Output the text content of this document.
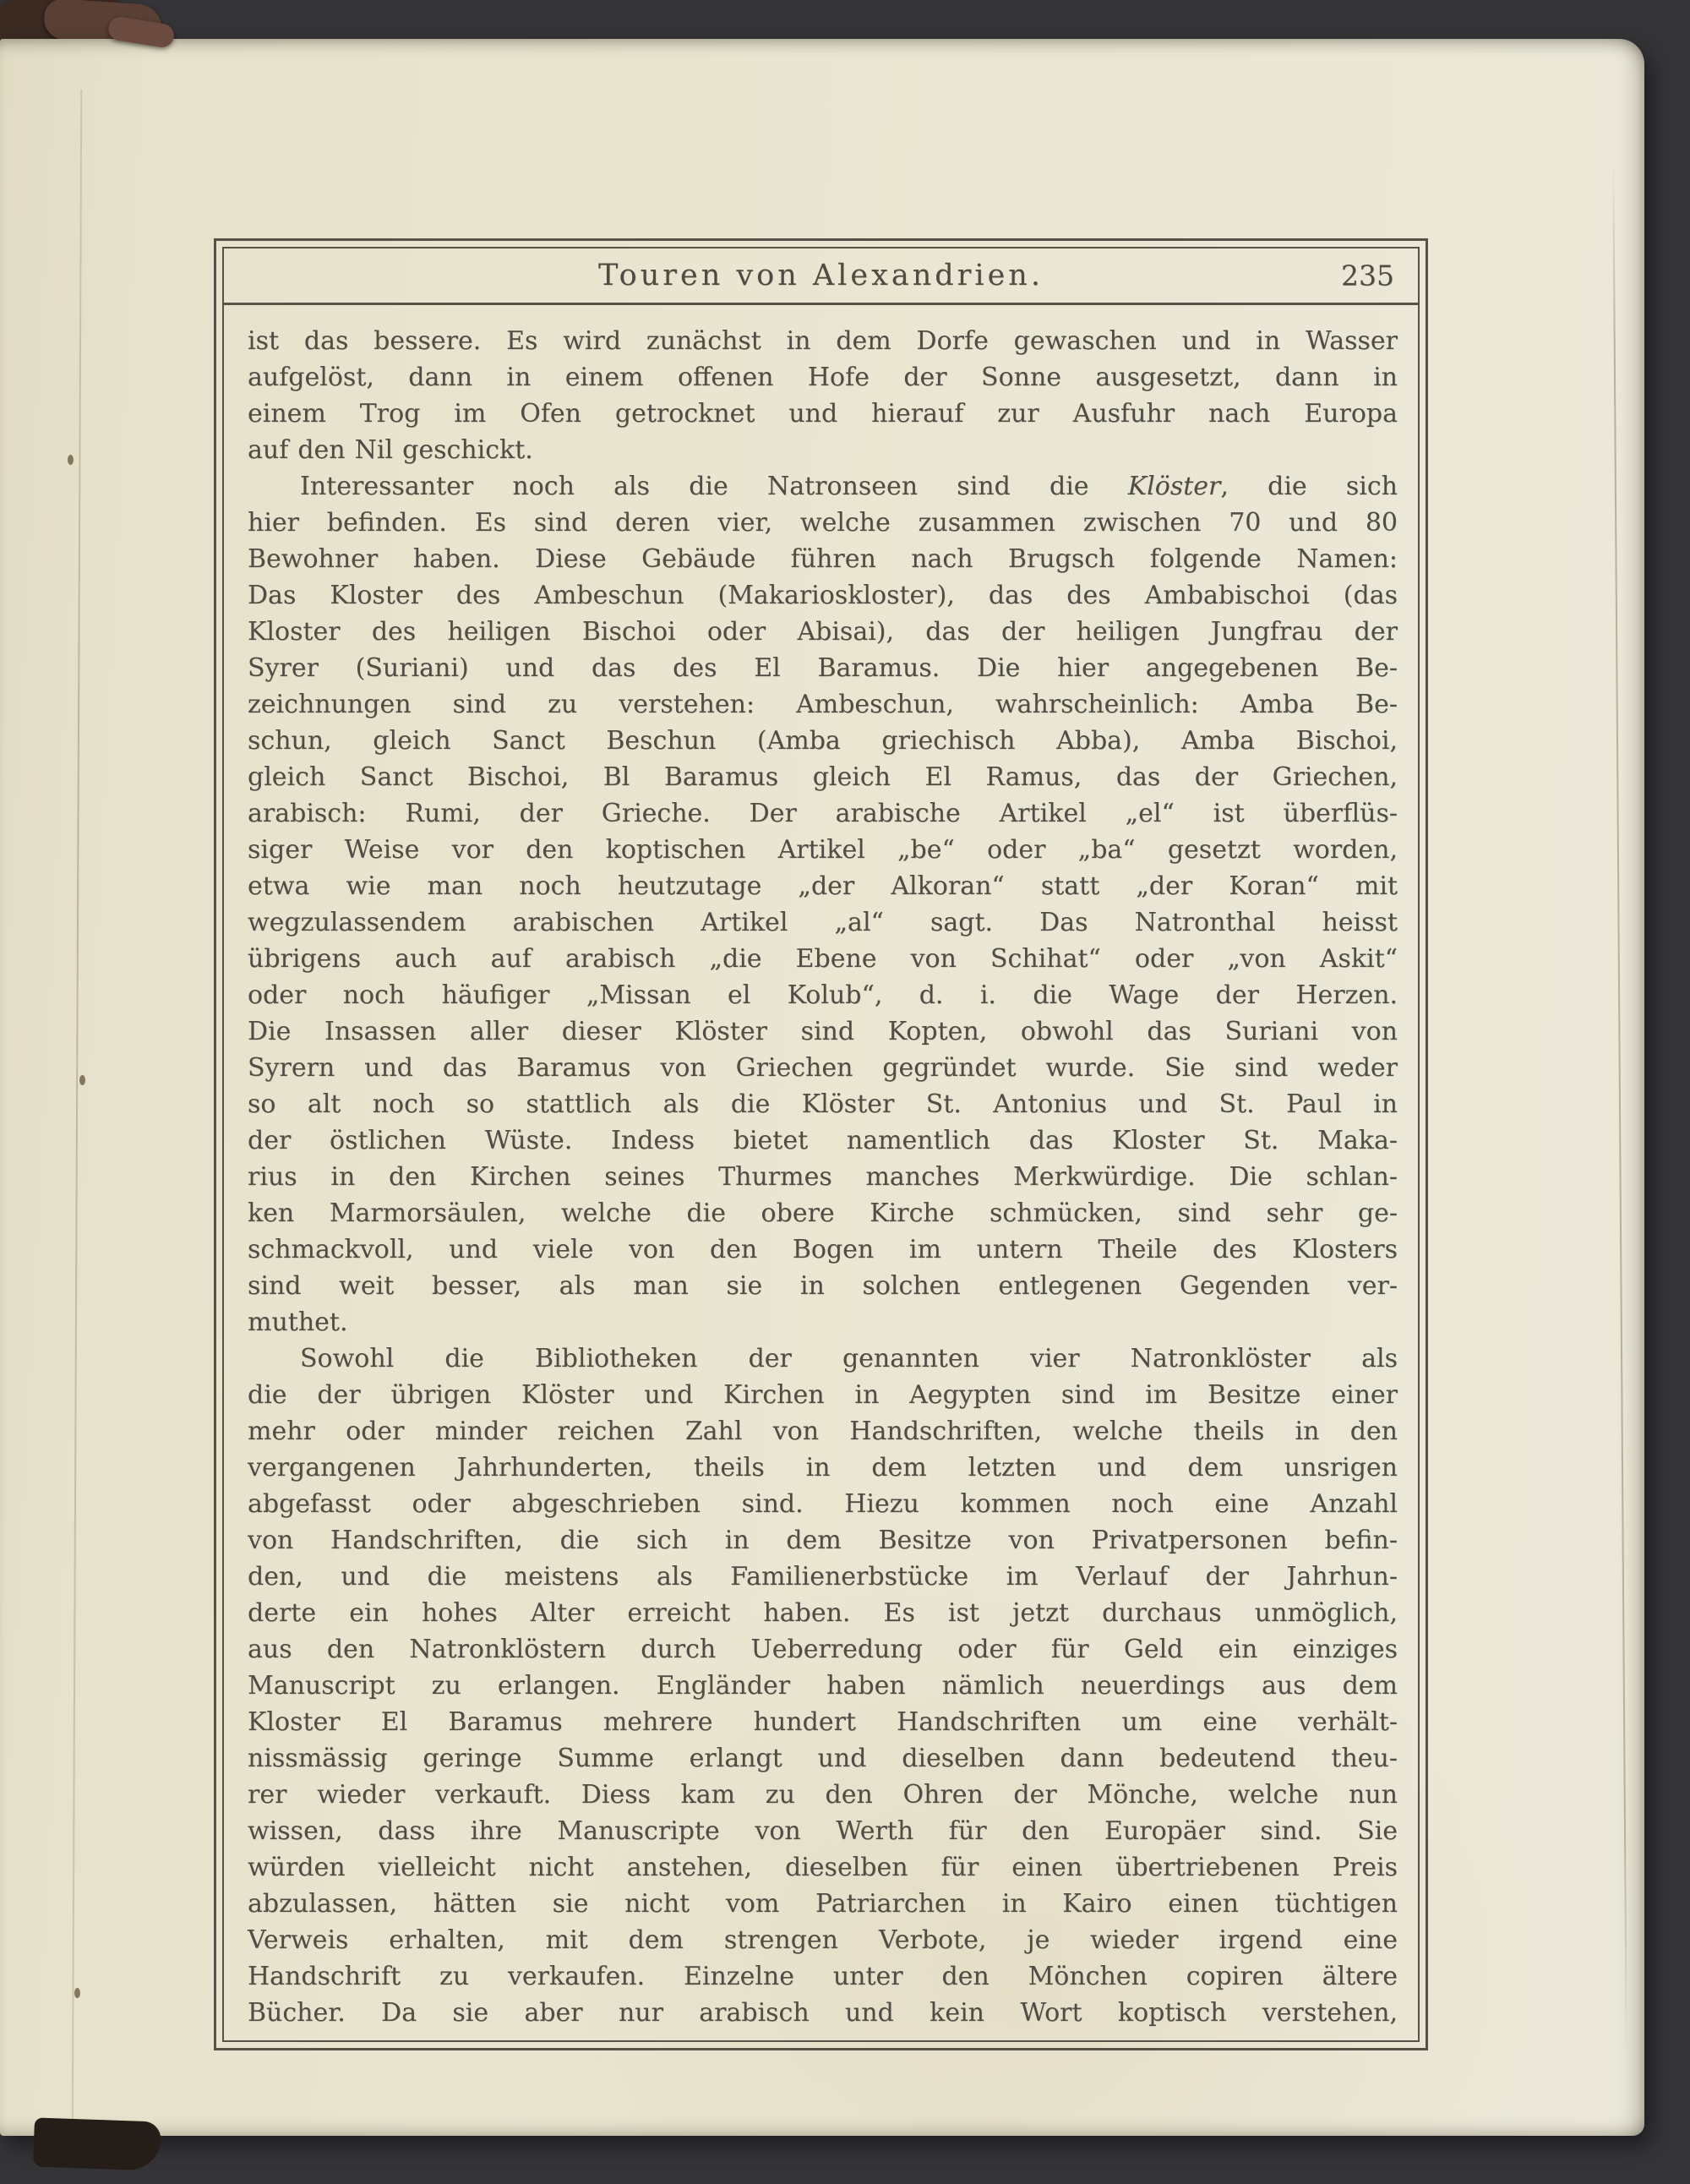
Touren von Alexandrien.	235
ist das bessere. Es wird zunächst in dem Dorfe gewaschen und in Wasser
aufgelöst, dann in einem offenen Hofe der Sonne ausgesetzt, dann in
einem Trog im Ofen getrocknet und hierauf zur Ausfuhr nach Europa
auf den Nil geschickt.
Interessanter noch als die Natronseen sind die Klöster, die sich
hier befinden. Es sind deren vier, welche zusammen zwischen 70 und 80
Bewohner haben. Diese Gebäude führen nach Brugsch folgende Namen:
Das Kloster des Ambeschun (Makarioskloster), das des Ambabischoi (das
Kloster des heiligen Bischoi oder Abisai), das der heiligen Jungfrau der
Syrer (Suriani) und das des El Baramus. Die hier angegebenen Be-
zeichnungen sind zu verstehen: Ambeschun, wahrscheinlich: Amba Be-
schun, gleich Sanct Beschun (Amba griechisch Abba), Amba Bischoi,
gleich Sanct Bischoi, Bl Baramus gleich El Ramus, das der Griechen,
arabisch: Rumi, der Grieche. Der arabische Artikel „el“ ist überflüs-
siger Weise vor den koptischen Artikel „be“ oder „ba“ gesetzt worden,
etwa wie man noch heutzutage „der Alkoran“ statt „der Koran“ mit
wegzulassendem arabischen Artikel „al“ sagt. Das Natronthal heisst
übrigens auch auf arabisch „die Ebene von Schihat“ oder „von Askit“
oder noch häufiger „Missan el Kolub“, d. i. die Wage der Herzen.
Die Insassen aller dieser Klöster sind Kopten, obwohl das Suriani von
Syrern und das Baramus von Griechen gegründet wurde. Sie sind weder
so alt noch so stattlich als die Klöster St. Antonius und St. Paul in
der östlichen Wüste. Indess bietet namentlich das Kloster St. Maka-
rius in den Kirchen seines Thurmes manches Merkwürdige. Die schlan-
ken Marmorsäulen, welche die obere Kirche schmücken, sind sehr ge-
schmackvoll, und viele von den Bogen im untern Theile des Klosters
sind weit besser, als man sie in solchen entlegenen Gegenden ver-
muthet.
Sowohl die Bibliotheken der genannten vier Natronklöster als
die der übrigen Klöster und Kirchen in Aegypten sind im Besitze einer
mehr oder minder reichen Zahl von Handschriften, welche theils in den
vergangenen Jahrhunderten, theils in dem letzten und dem unsrigen
abgefasst oder abgeschrieben sind. Hiezu kommen noch eine Anzahl
von Handschriften, die sich in dem Besitze von Privatpersonen befin-
den, und die meistens als Familienerbstücke im Verlauf der Jahrhun-
derte ein hohes Alter erreicht haben. Es ist jetzt durchaus unmöglich,
aus den Natronklöstern durch Ueberredung oder für Geld ein einziges
Manuscript zu erlangen. Engländer haben nämlich neuerdings aus dem
Kloster El Baramus mehrere hundert Handschriften um eine verhält-
nissmässig geringe Summe erlangt und dieselben dann bedeutend theu-
rer wieder verkauft. Diess kam zu den Ohren der Mönche, welche nun
wissen, dass ihre Manuscripte von Werth für den Europäer sind. Sie
würden vielleicht nicht anstehen, dieselben für einen übertriebenen Preis
abzulassen, hätten sie nicht vom Patriarchen in Kairo einen tüchtigen
Verweis erhalten, mit dem strengen Verbote, je wieder irgend eine
Handschrift zu verkaufen. Einzelne unter den Mönchen copiren ältere
Bücher. Da sie aber nur arabisch und kein Wort koptisch verstehen,
